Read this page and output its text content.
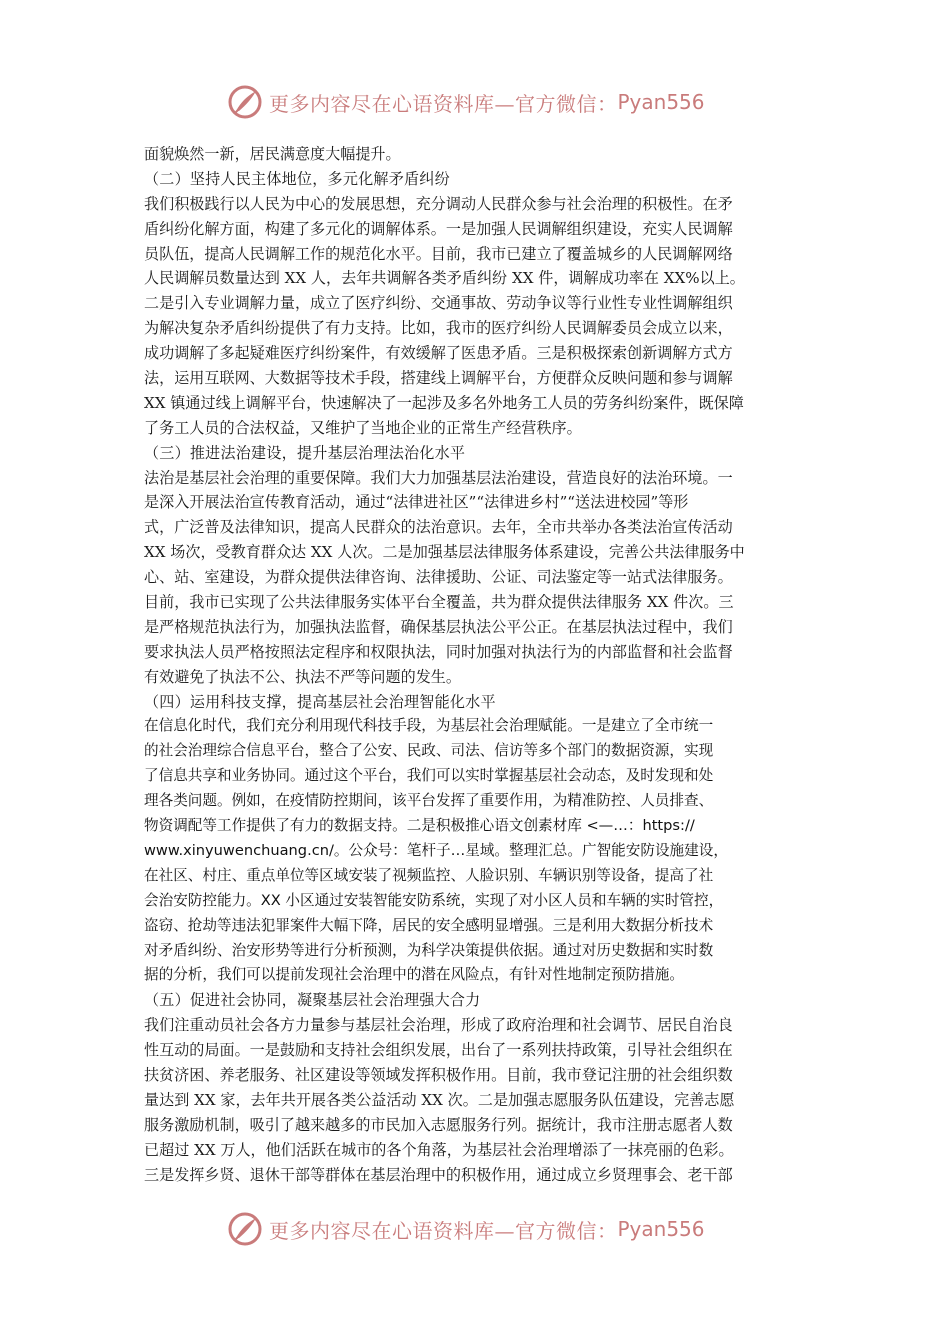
更多内容尽在心语资料库—官方微信： Pyan556
面貌焕然一新，居民满意度大幅提升。
（二）坚持人民主体地位，多元化解矛盾纠纷
我们积极践行以人民为中心的发展思想，充分调动人民群众参与社会治理的积极性。在矛
盾纠纷化解方面，构建了多元化的调解体系。一是加强人民调解组织建设，充实人民调解
员队伍，提高人民调解工作的规范化水平。目前，我市已建立了覆盖城乡的人民调解网络
人民调解员数量达到 XX 人，去年共调解各类矛盾纠纷 XX 件，调解成功率在 XX%以上。
二是引入专业调解力量，成立了医疗纠纷、交通事故、劳动争议等行业性专业性调解组织
为解决复杂矛盾纠纷提供了有力支持。比如，我市的医疗纠纷人民调解委员会成立以来，
成功调解了多起疑难医疗纠纷案件，有效缓解了医患矛盾。三是积极探索创新调解方式方
法，运用互联网、大数据等技术手段，搭建线上调解平台，方便群众反映问题和参与调解
XX 镇通过线上调解平台，快速解决了一起涉及多名外地务工人员的劳务纠纷案件，既保障
了务工人员的合法权益，又维护了当地企业的正常生产经营秩序。
（三）推进法治建设，提升基层治理法治化水平
法治是基层社会治理的重要保障。我们大力加强基层法治建设，营造良好的法治环境。一
是深入开展法治宣传教育活动，通过“法律进社区”“法律进乡村”“送法进校园”等形
式，广泛普及法律知识，提高人民群众的法治意识。去年，全市共举办各类法治宣传活动
XX 场次，受教育群众达 XX 人次。二是加强基层法律服务体系建设，完善公共法律服务中
心、站、室建设，为群众提供法律咨询、法律援助、公证、司法鉴定等一站式法律服务。
目前，我市已实现了公共法律服务实体平台全覆盖，共为群众提供法律服务 XX 件次。三
是严格规范执法行为，加强执法监督，确保基层执法公平公正。在基层执法过程中，我们
要求执法人员严格按照法定程序和权限执法，同时加强对执法行为的内部监督和社会监督
有效避免了执法不公、执法不严等问题的发生。
（四）运用科技支撑，提高基层社会治理智能化水平
在信息化时代，我们充分利用现代科技手段，为基层社会治理赋能。一是建立了全市统一
的社会治理综合信息平台，整合了公安、民政、司法、信访等多个部门的数据资源，实现
了信息共享和业务协同。通过这个平台，我们可以实时掌握基层社会动态，及时发现和处
理各类问题。例如，在疫情防控期间，该平台发挥了重要作用，为精准防控、人员排查、
物资调配等工作提供了有力的数据支持。二是积极推心语文创素材库 <—…：https://
www.xinyuwenchuang.cn/。公众号：笔杆子…星域。整理汇总。广智能安防设施建设，
在社区、村庄、重点单位等区域安装了视频监控、人脸识别、车辆识别等设备，提高了社
会治安防控能力。XX 小区通过安装智能安防系统，实现了对小区人员和车辆的实时管控，
盗窃、抢劫等违法犯罪案件大幅下降，居民的安全感明显增强。三是利用大数据分析技术
对矛盾纠纷、治安形势等进行分析预测，为科学决策提供依据。通过对历史数据和实时数
据的分析，我们可以提前发现社会治理中的潜在风险点，有针对性地制定预防措施。
（五）促进社会协同，凝聚基层社会治理强大合力
我们注重动员社会各方力量参与基层社会治理，形成了政府治理和社会调节、居民自治良
性互动的局面。一是鼓励和支持社会组织发展，出台了一系列扶持政策，引导社会组织在
扶贫济困、养老服务、社区建设等领域发挥积极作用。目前，我市登记注册的社会组织数
量达到 XX 家，去年共开展各类公益活动 XX 次。二是加强志愿服务队伍建设，完善志愿
服务激励机制，吸引了越来越多的市民加入志愿服务行列。据统计，我市注册志愿者人数
已超过 XX 万人，他们活跃在城市的各个角落，为基层社会治理增添了一抹亮丽的色彩。
三是发挥乡贤、退休干部等群体在基层治理中的积极作用，通过成立乡贤理事会、老干部
更多内容尽在心语资料库—官方微信： Pyan556
